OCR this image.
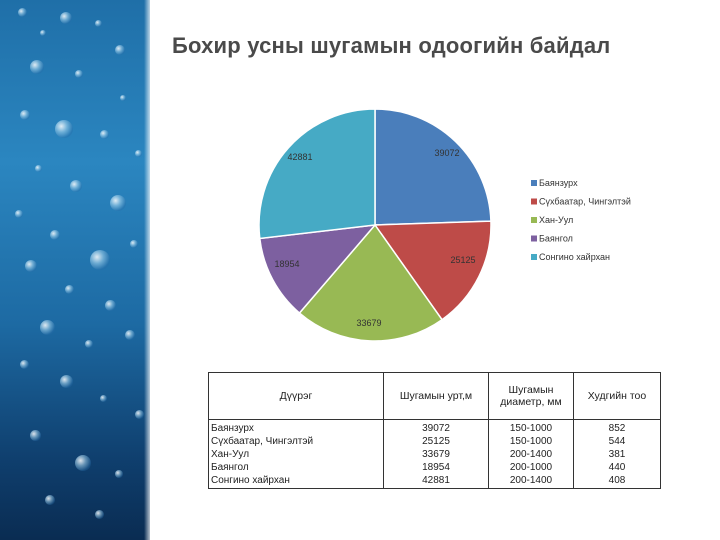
Бохир усны шугамын одоогийн байдал
39072
25125
33679
18954
42881
Баянзурх
Сүхбаатар, Чингэлтэй
Хан-Уул
Баянгол
Сонгино хайрхан
Дүүрэг	Шугамын урт,м	Шугамын диаметр, мм	Худгийн тоо
Баянзурх	39072	150-1000	852
Сүхбаатар, Чингэлтэй	25125	150-1000	544
Хан-Уул	33679	200-1400	381
Баянгол	18954	200-1000	440
Сонгино хайрхан	42881	200-1400	408
